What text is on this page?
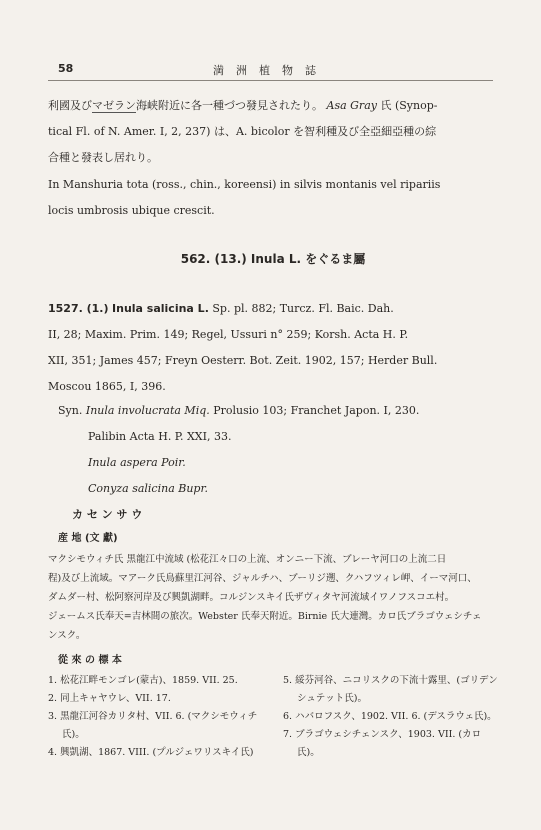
58	満洲植物誌

利國及びマゼラン海峡附近に各一種づつ發見されたり。 Asa Gray 氏 (Synop-

tical Fl. of N. Amer. I, 2, 237) は、A. bicolor を智利種及び全亞細亞種の綜

合種と發表し居れり。

In Manshuria tota (ross., chin., koreensi) in silvis montanis vel ripariis

locis umbrosis ubique crescit.

562. (13.) Inula L. をぐるま屬

1527. (1.) Inula salicina L. Sp. pl. 882; Turcz. Fl. Baic. Dah.

II, 28; Maxim. Prim. 149; Regel, Ussuri n° 259; Korsh. Acta H. P.

XII, 351; James 457; Freyn Oesterr. Bot. Zeit. 1902, 157; Herder Bull.

Moscou 1865, I, 396.

Syn. Inula involucrata Miq. Prolusio 103; Franchet Japon. I, 230.

Palibin Acta H. P. XXI, 33.

Inula aspera Poir.

Conyza salicina Bupr.

カ セ ン サ ウ

産 地 (文 獻)

マクシモウィチ氏 黒龍江中流域 (松花江々口の上流、オンニー下流、ブレーヤ河口の上流二日

程)及び上流域。マアーク氏鳥蘇里江河谷、ジャルチハ、ブーリジ遡、クハフツィレ岬、イーマ河口、

ダムダー村、松阿察河岸及び興凱湖畔。コルジンスキイ氏ザヴィタヤ河流域イワノフスコエ村。

ジェームス氏奉天=吉林間の旅次。Webster 氏奉天附近。Birnie 氏大連灣。カロ氏ブラゴウェシチェ

ンスク。

從 來 の 標 本

1. 松花江畔モンゴレ(蒙古)、1859. VII. 25.

2. 同上キャヤウレ、VII. 17.

3. 黒龍江河谷カリタ村、VII. 6. (マクシモウィチ氏)。

4. 興凱湖、1867. VIII. (プルジェワリスキイ氏)

5. 綏芬河谷、ニコリスクの下流十露里、(ゴリデンシュテット氏)。

6. ハバロフスク、1902. VII. 6. (デスラウェ氏)。

7. ブラゴウェシチェンスク、1903. VII. (カロ氏)。
